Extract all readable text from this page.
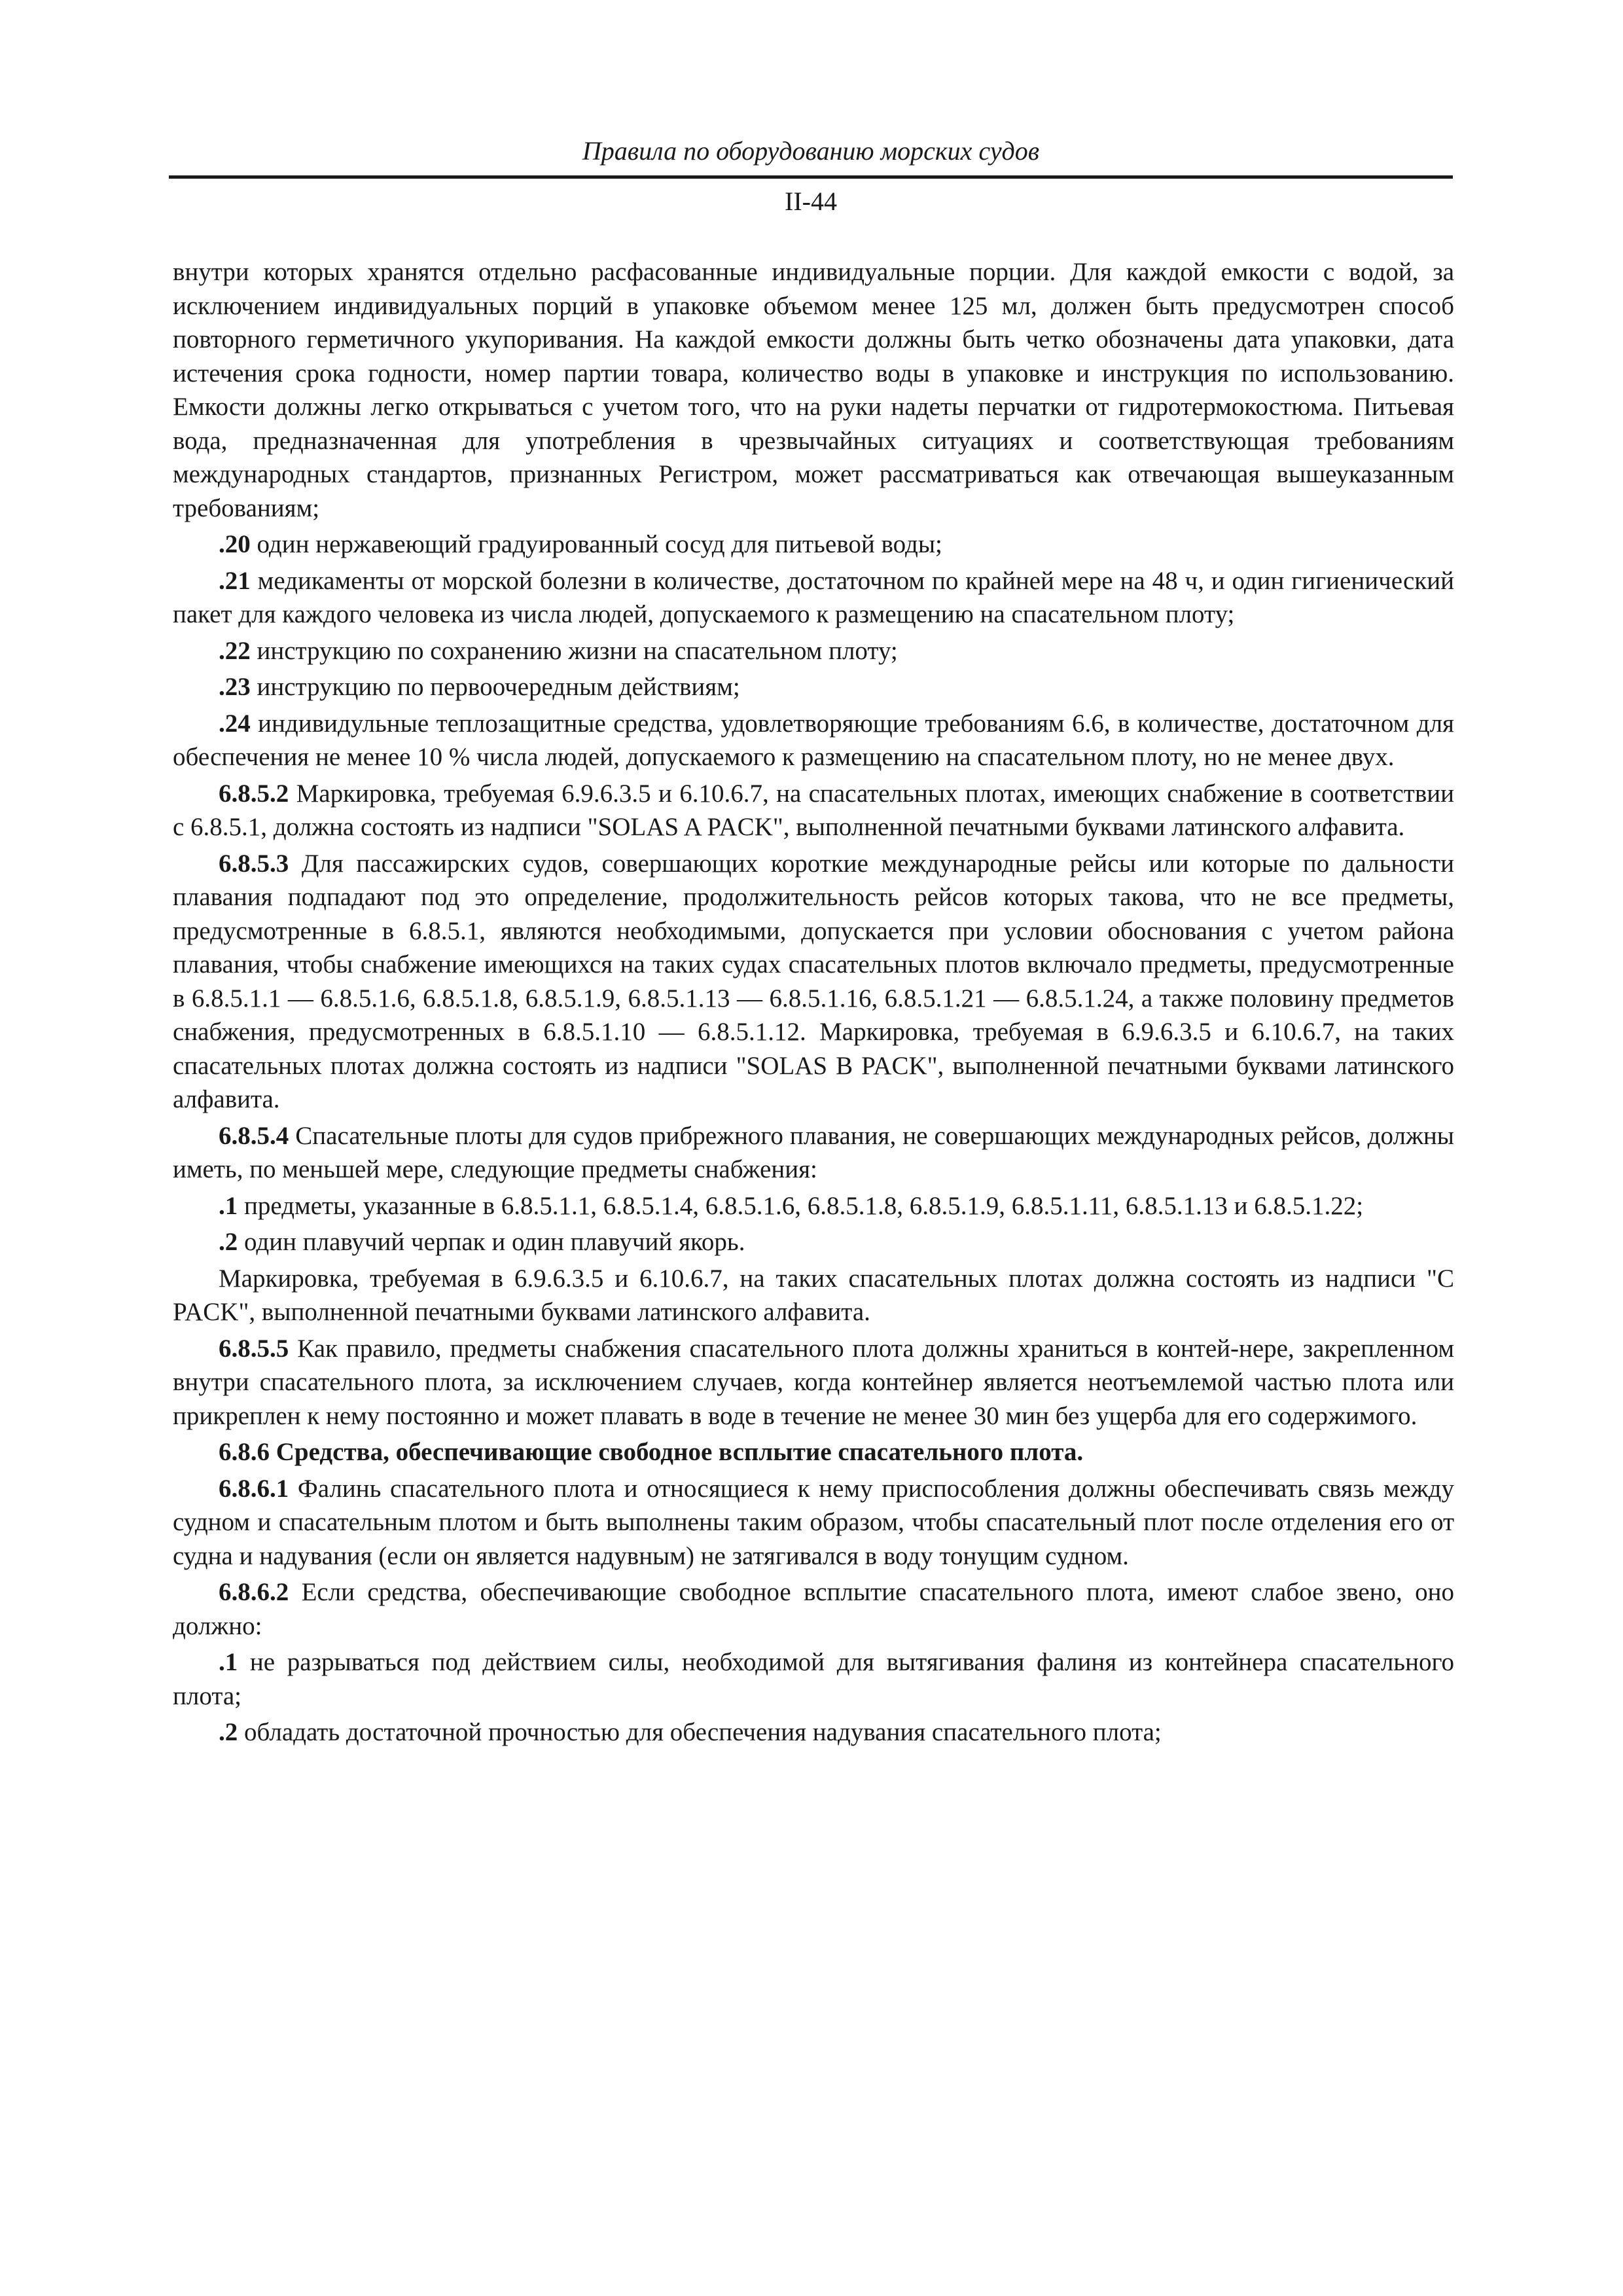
Правила по оборудованию морских судов
II-44

внутри которых хранятся отдельно расфасованные индивидуальные порции. Для каждой емкости с водой, за исключением индивидуальных порций в упаковке объемом менее 125 мл, должен быть предусмотрен способ повторного герметичного укупоривания. На каждой емкости должны быть четко обозначены дата упаковки, дата истечения срока годности, номер партии товара, количество воды в упаковке и инструкция по использованию. Емкости должны легко открываться с учетом того, что на руки надеты перчатки от гидротермокостюма. Питьевая вода, предназначенная для употребления в чрезвычайных ситуациях и соответствующая требованиям международных стандартов, признанных Регистром, может рассматриваться как отвечающая вышеуказанным требованиям;

.20 один нержавеющий градуированный сосуд для питьевой воды;

.21 медикаменты от морской болезни в количестве, достаточном по крайней мере на 48 ч, и один гигиенический пакет для каждого человека из числа людей, допускаемого к размещению на спасательном плоту;

.22 инструкцию по сохранению жизни на спасательном плоту;

.23 инструкцию по первоочередным действиям;

.24 индивидульные теплозащитные средства, удовлетворяющие требованиям 6.6, в количестве, достаточном для обеспечения не менее 10 % числа людей, допускаемого к размещению на спасательном плоту, но не менее двух.

6.8.5.2 Маркировка, требуемая 6.9.6.3.5 и 6.10.6.7, на спасательных плотах, имеющих снабжение в соответствии с 6.8.5.1, должна состоять из надписи "SOLAS A PACK", выполненной печатными буквами латинского алфавита.

6.8.5.3 Для пассажирских судов, совершающих короткие международные рейсы или которые по дальности плавания подпадают под это определение, продолжительность рейсов которых такова, что не все предметы, предусмотренные в 6.8.5.1, являются необходимыми, допускается при условии обоснования с учетом района плавания, чтобы снабжение имеющихся на таких судах спасательных плотов включало предметы, предусмотренные в 6.8.5.1.1 — 6.8.5.1.6, 6.8.5.1.8, 6.8.5.1.9, 6.8.5.1.13 — 6.8.5.1.16, 6.8.5.1.21 — 6.8.5.1.24, а также половину предметов снабжения, предусмотренных в 6.8.5.1.10 — 6.8.5.1.12. Маркировка, требуемая в 6.9.6.3.5 и 6.10.6.7, на таких спасательных плотах должна состоять из надписи "SOLAS B PACK", выполненной печатными буквами латинского алфавита.

6.8.5.4 Спасательные плоты для судов прибрежного плавания, не совершающих международных рейсов, должны иметь, по меньшей мере, следующие предметы снабжения:

.1 предметы, указанные в 6.8.5.1.1, 6.8.5.1.4, 6.8.5.1.6, 6.8.5.1.8, 6.8.5.1.9, 6.8.5.1.11, 6.8.5.1.13 и 6.8.5.1.22;

.2 один плавучий черпак и один плавучий якорь.

Маркировка, требуемая в 6.9.6.3.5 и 6.10.6.7, на таких спасательных плотах должна состоять из надписи "C PACK", выполненной печатными буквами латинского алфавита.

6.8.5.5 Как правило, предметы снабжения спасательного плота должны храниться в контей-нере, закрепленном внутри спасательного плота, за исключением случаев, когда контейнер является неотъемлемой частью плота или прикреплен к нему постоянно и может плавать в воде в течение не менее 30 мин без ущерба для его содержимого.

6.8.6 Средства, обеспечивающие свободное всплытие спасательного плота.

6.8.6.1 Фалинь спасательного плота и относящиеся к нему приспособления должны обеспечивать связь между судном и спасательным плотом и быть выполнены таким образом, чтобы спасательный плот после отделения его от судна и надувания (если он является надувным) не затягивался в воду тонущим судном.

6.8.6.2 Если средства, обеспечивающие свободное всплытие спасательного плота, имеют слабое звено, оно должно:

.1 не разрываться под действием силы, необходимой для вытягивания фалиня из контейнера спасательного плота;

.2 обладать достаточной прочностью для обеспечения надувания спасательного плота;
